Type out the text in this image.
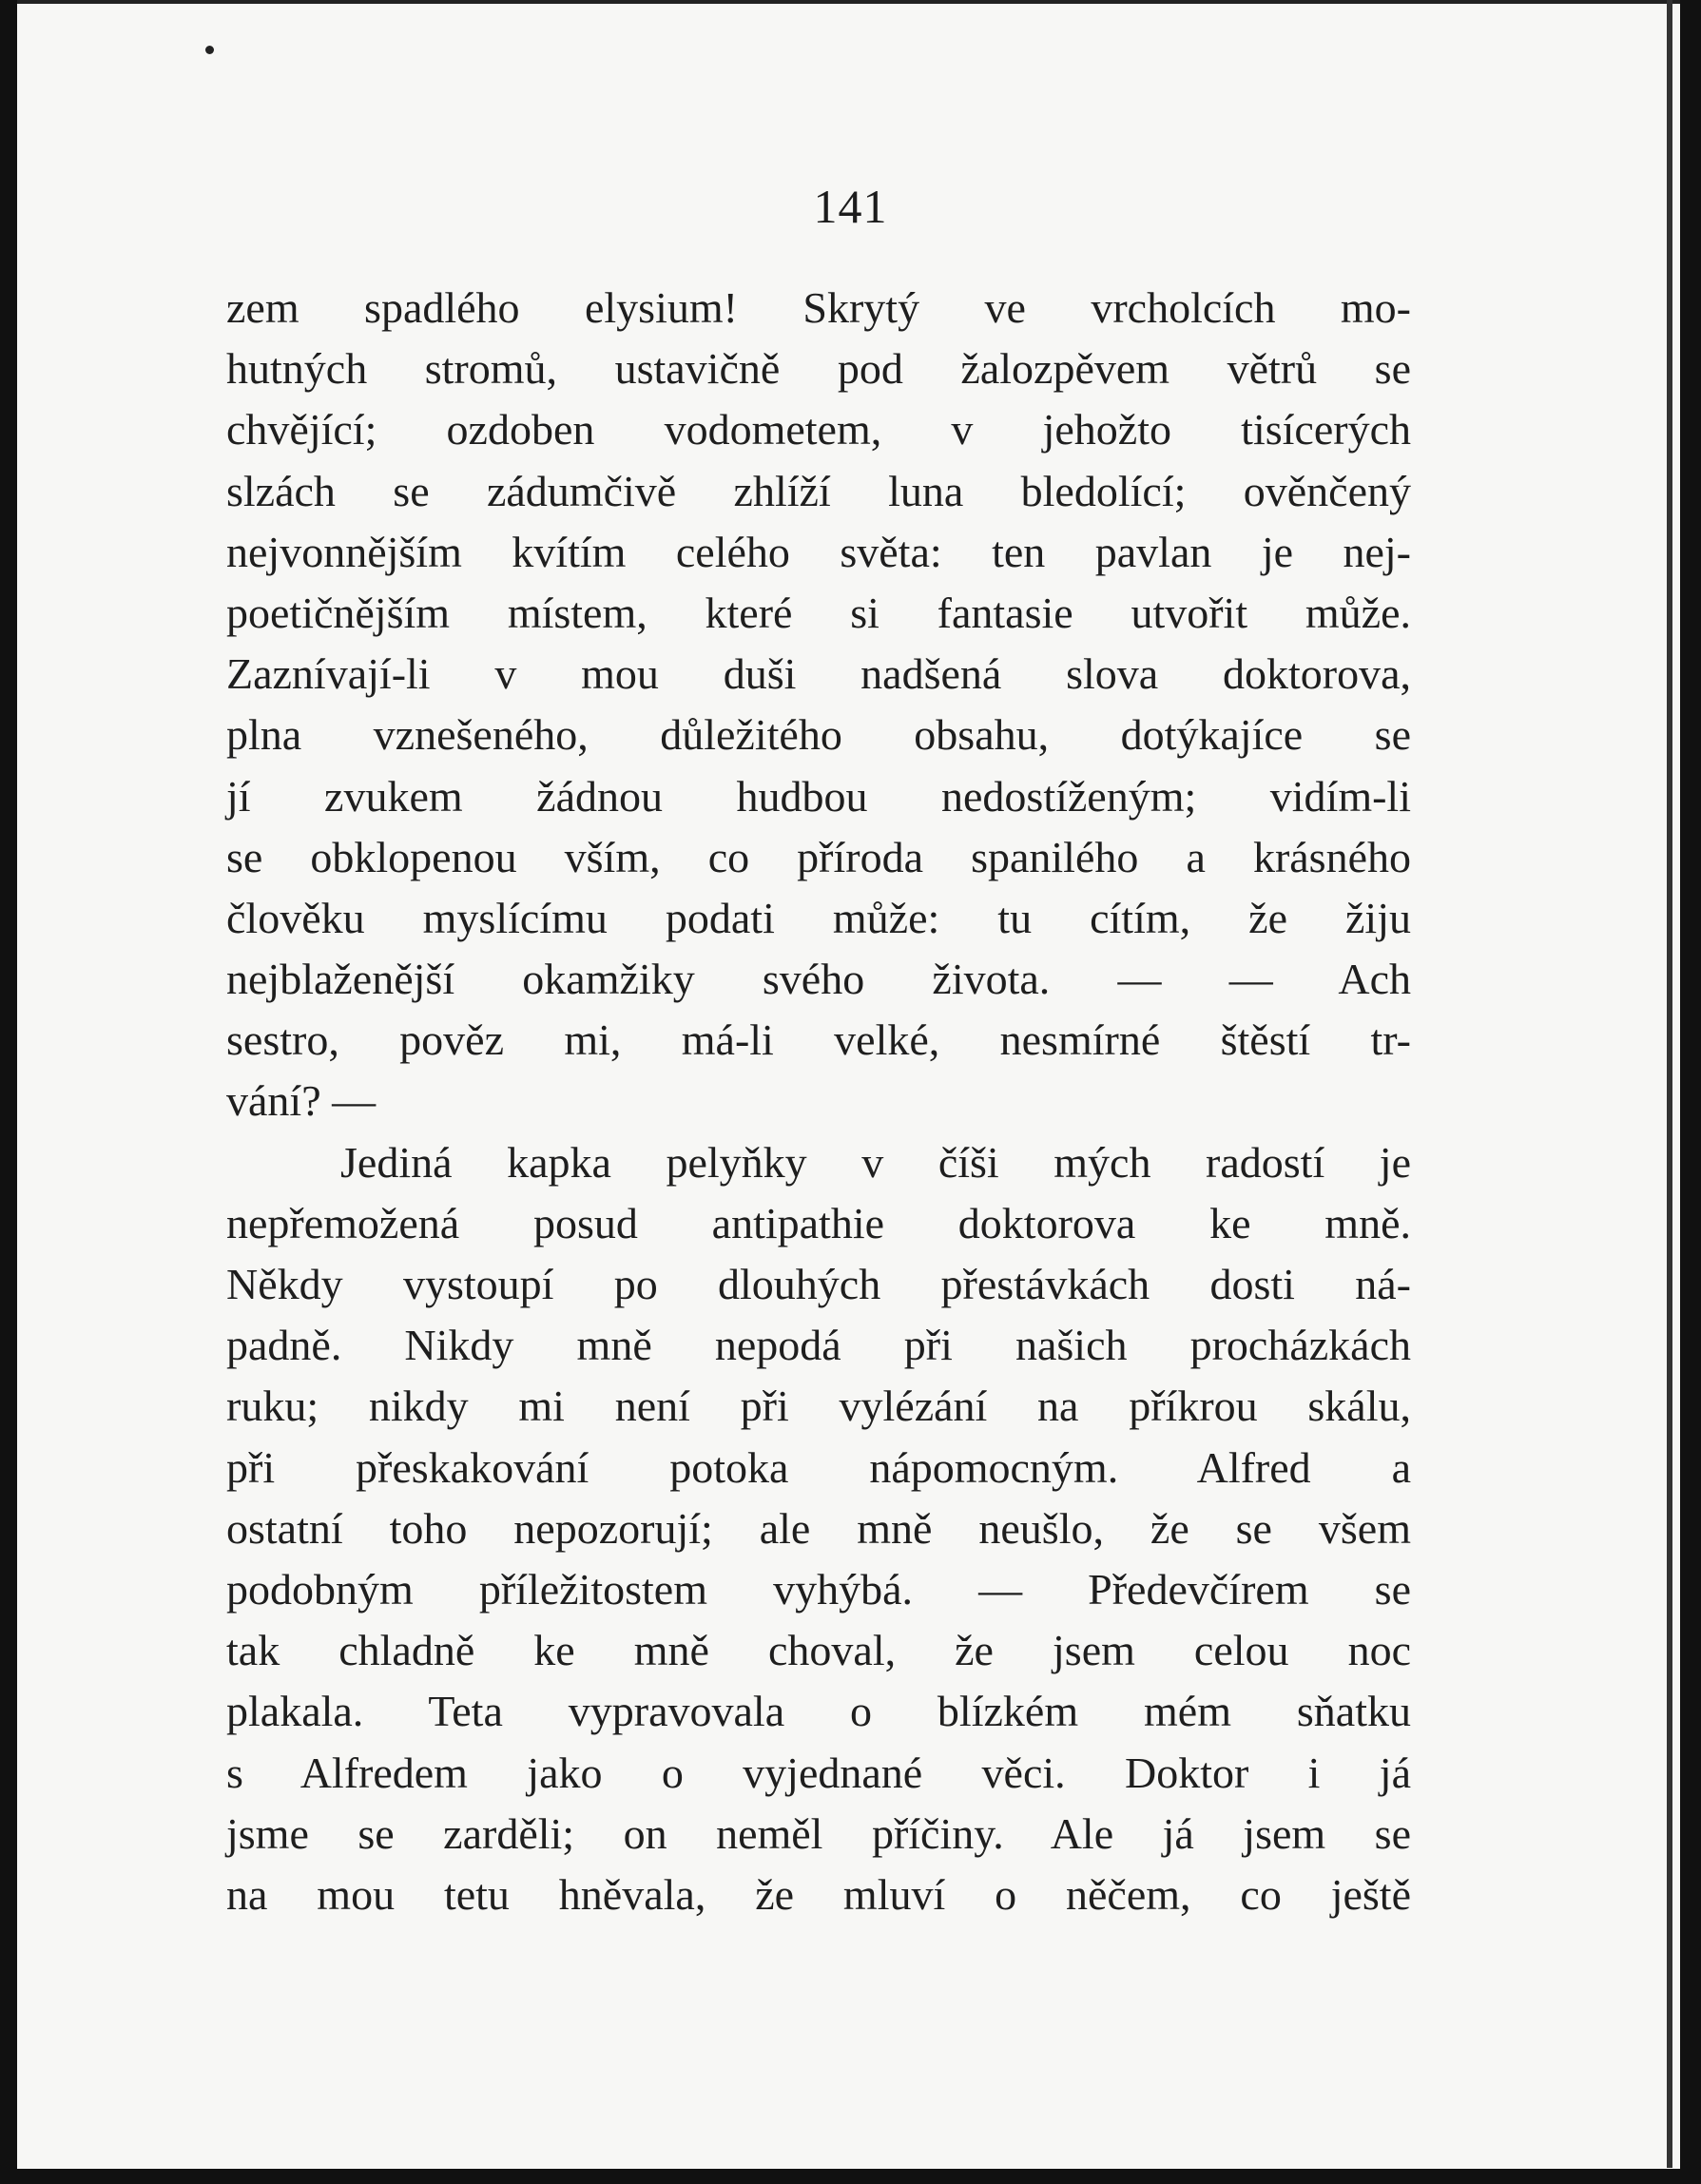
141
zem spadlého elysium! Skrytý ve vrcholcích mo-
hutných stromů, ustavičně pod žalozpěvem větrů se
chvějící; ozdoben vodometem, v jehožto tisícerých
slzách se zádumčivě zhlíží luna bledolící; ověnčený
nejvonnějším kvítím celého světa: ten pavlan je nej-
poetičnějším místem, které si fantasie utvořit může.
Zaznívají-li v mou duši nadšená slova doktorova,
plna vznešeného, důležitého obsahu, dotýkajíce se
jí zvukem žádnou hudbou nedostíženým; vidím-li
se obklopenou vším, co příroda spanilého a krásného
člověku myslícímu podati může: tu cítím, že žiju
nejblaženější okamžiky svého života. — — Ach
sestro, pověz mi, má-li velké, nesmírné štěstí tr-
vání? —
Jediná kapka pelyňky v číši mých radostí je
nepřemožená posud antipathie doktorova ke mně.
Někdy vystoupí po dlouhých přestávkách dosti ná-
padně. Nikdy mně nepodá při našich procházkách
ruku; nikdy mi není při vylézání na příkrou skálu,
při přeskakování potoka nápomocným. Alfred a
ostatní toho nepozorují; ale mně neušlo, že se všem
podobným příležitostem vyhýbá. — Předevčírem se
tak chladně ke mně choval, že jsem celou noc
plakala. Teta vypravovala o blízkém mém sňatku
s Alfredem jako o vyjednané věci. Doktor i já
jsme se zarděli; on neměl příčiny. Ale já jsem se
na mou tetu hněvala, že mluví o něčem, co ještě
